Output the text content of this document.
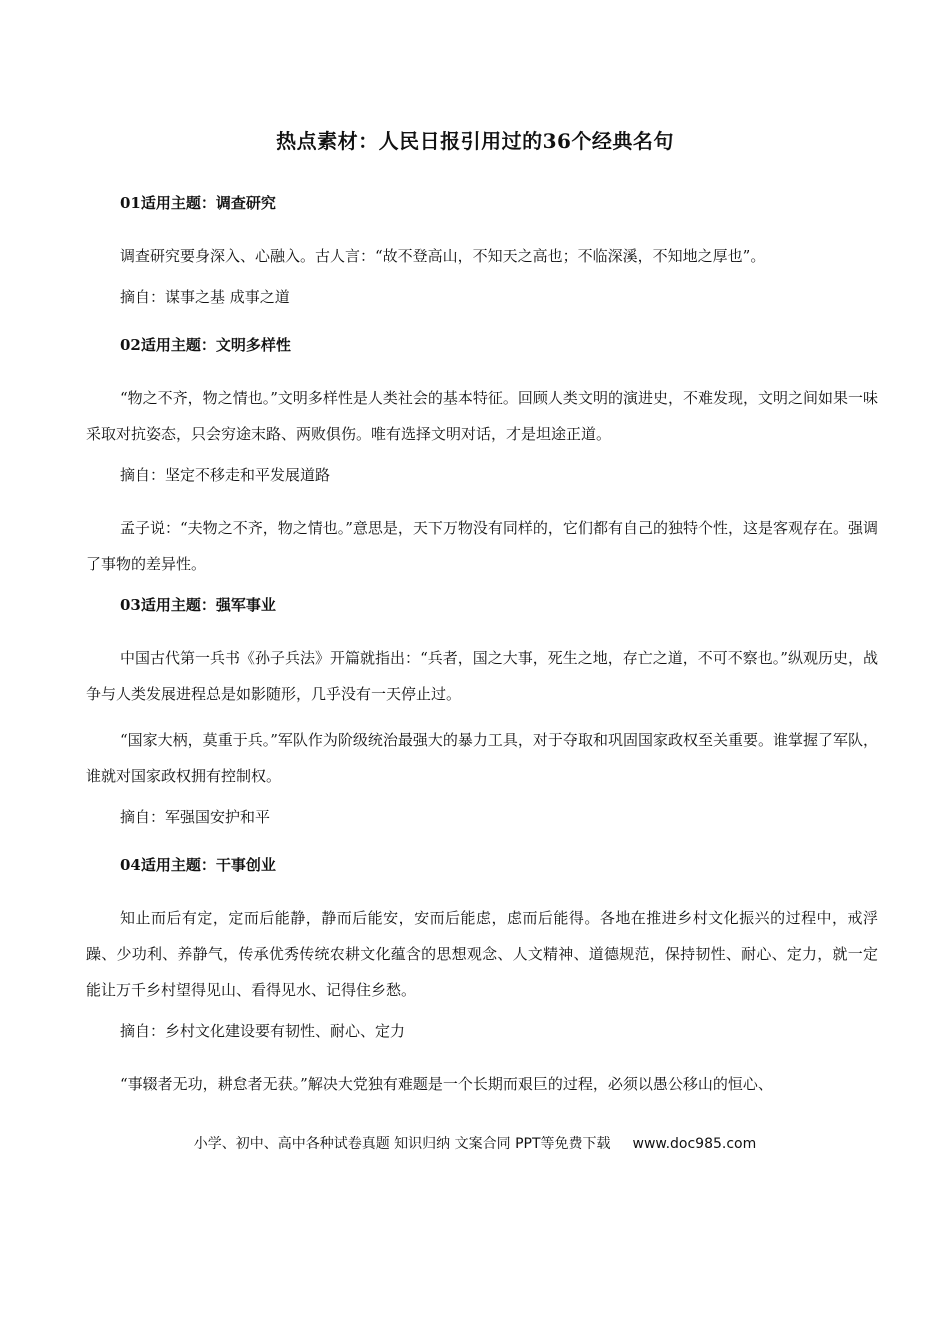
热点素材：人民日报引用过的36个经典名句
01适用主题：调查研究
调查研究要身深入、心融入。古人言：“故不登高山，不知天之高也；不临深溪，不知地之厚也”。
摘自：谋事之基 成事之道
02适用主题：文明多样性
“物之不齐，物之情也。”文明多样性是人类社会的基本特征。回顾人类文明的演进史，不难发现，文明之间如果一味采取对抗姿态，只会穷途末路、两败俱伤。唯有选择文明对话，才是坦途正道。
摘自：坚定不移走和平发展道路
孟子说：“夫物之不齐，物之情也。”意思是，天下万物没有同样的，它们都有自己的独特个性，这是客观存在。强调了事物的差异性。
03适用主题：强军事业
中国古代第一兵书《孙子兵法》开篇就指出：“兵者，国之大事，死生之地，存亡之道，不可不察也。”纵观历史，战争与人类发展进程总是如影随形，几乎没有一天停止过。
“国家大柄，莫重于兵。”军队作为阶级统治最强大的暴力工具，对于夺取和巩固国家政权至关重要。谁掌握了军队，谁就对国家政权拥有控制权。
摘自：军强国安护和平
04适用主题：干事创业
知止而后有定，定而后能静，静而后能安，安而后能虑，虑而后能得。各地在推进乡村文化振兴的过程中，戒浮躁、少功利、养静气，传承优秀传统农耕文化蕴含的思想观念、人文精神、道德规范，保持韧性、耐心、定力，就一定能让万千乡村望得见山、看得见水、记得住乡愁。
摘自：乡村文化建设要有韧性、耐心、定力
“事辍者无功，耕怠者无获。”解决大党独有难题是一个长期而艰巨的过程，必须以愚公移山的恒心、
小学、初中、高中各种试卷真题 知识归纳 文案合同 PPT等免费下载 www.doc985.com
